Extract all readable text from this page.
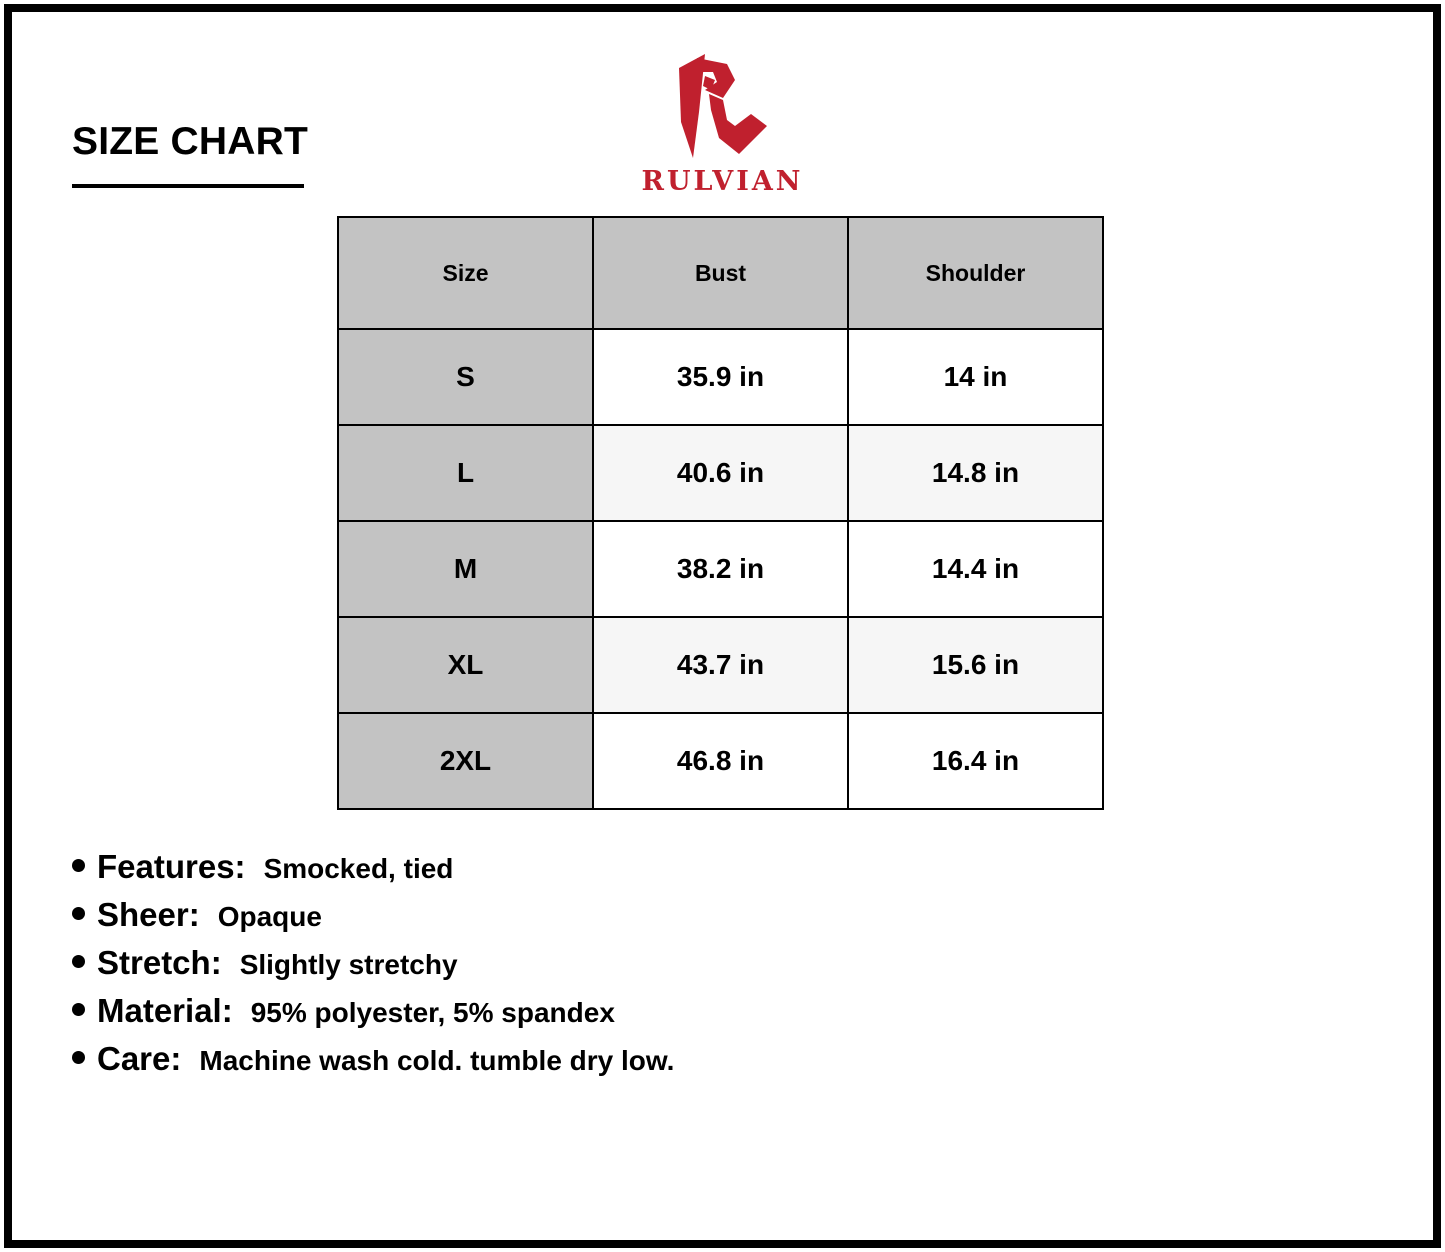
SIZE CHART
RULVIAN
Size	Bust	Shoulder
S	35.9 in	14 in
L	40.6 in	14.8 in
M	38.2 in	14.4 in
XL	43.7 in	15.6 in
2XL	46.8 in	16.4 in
Features: Smocked, tied
Sheer: Opaque
Stretch: Slightly stretchy
Material: 95% polyester, 5% spandex
Care: Machine wash cold. tumble dry low.
